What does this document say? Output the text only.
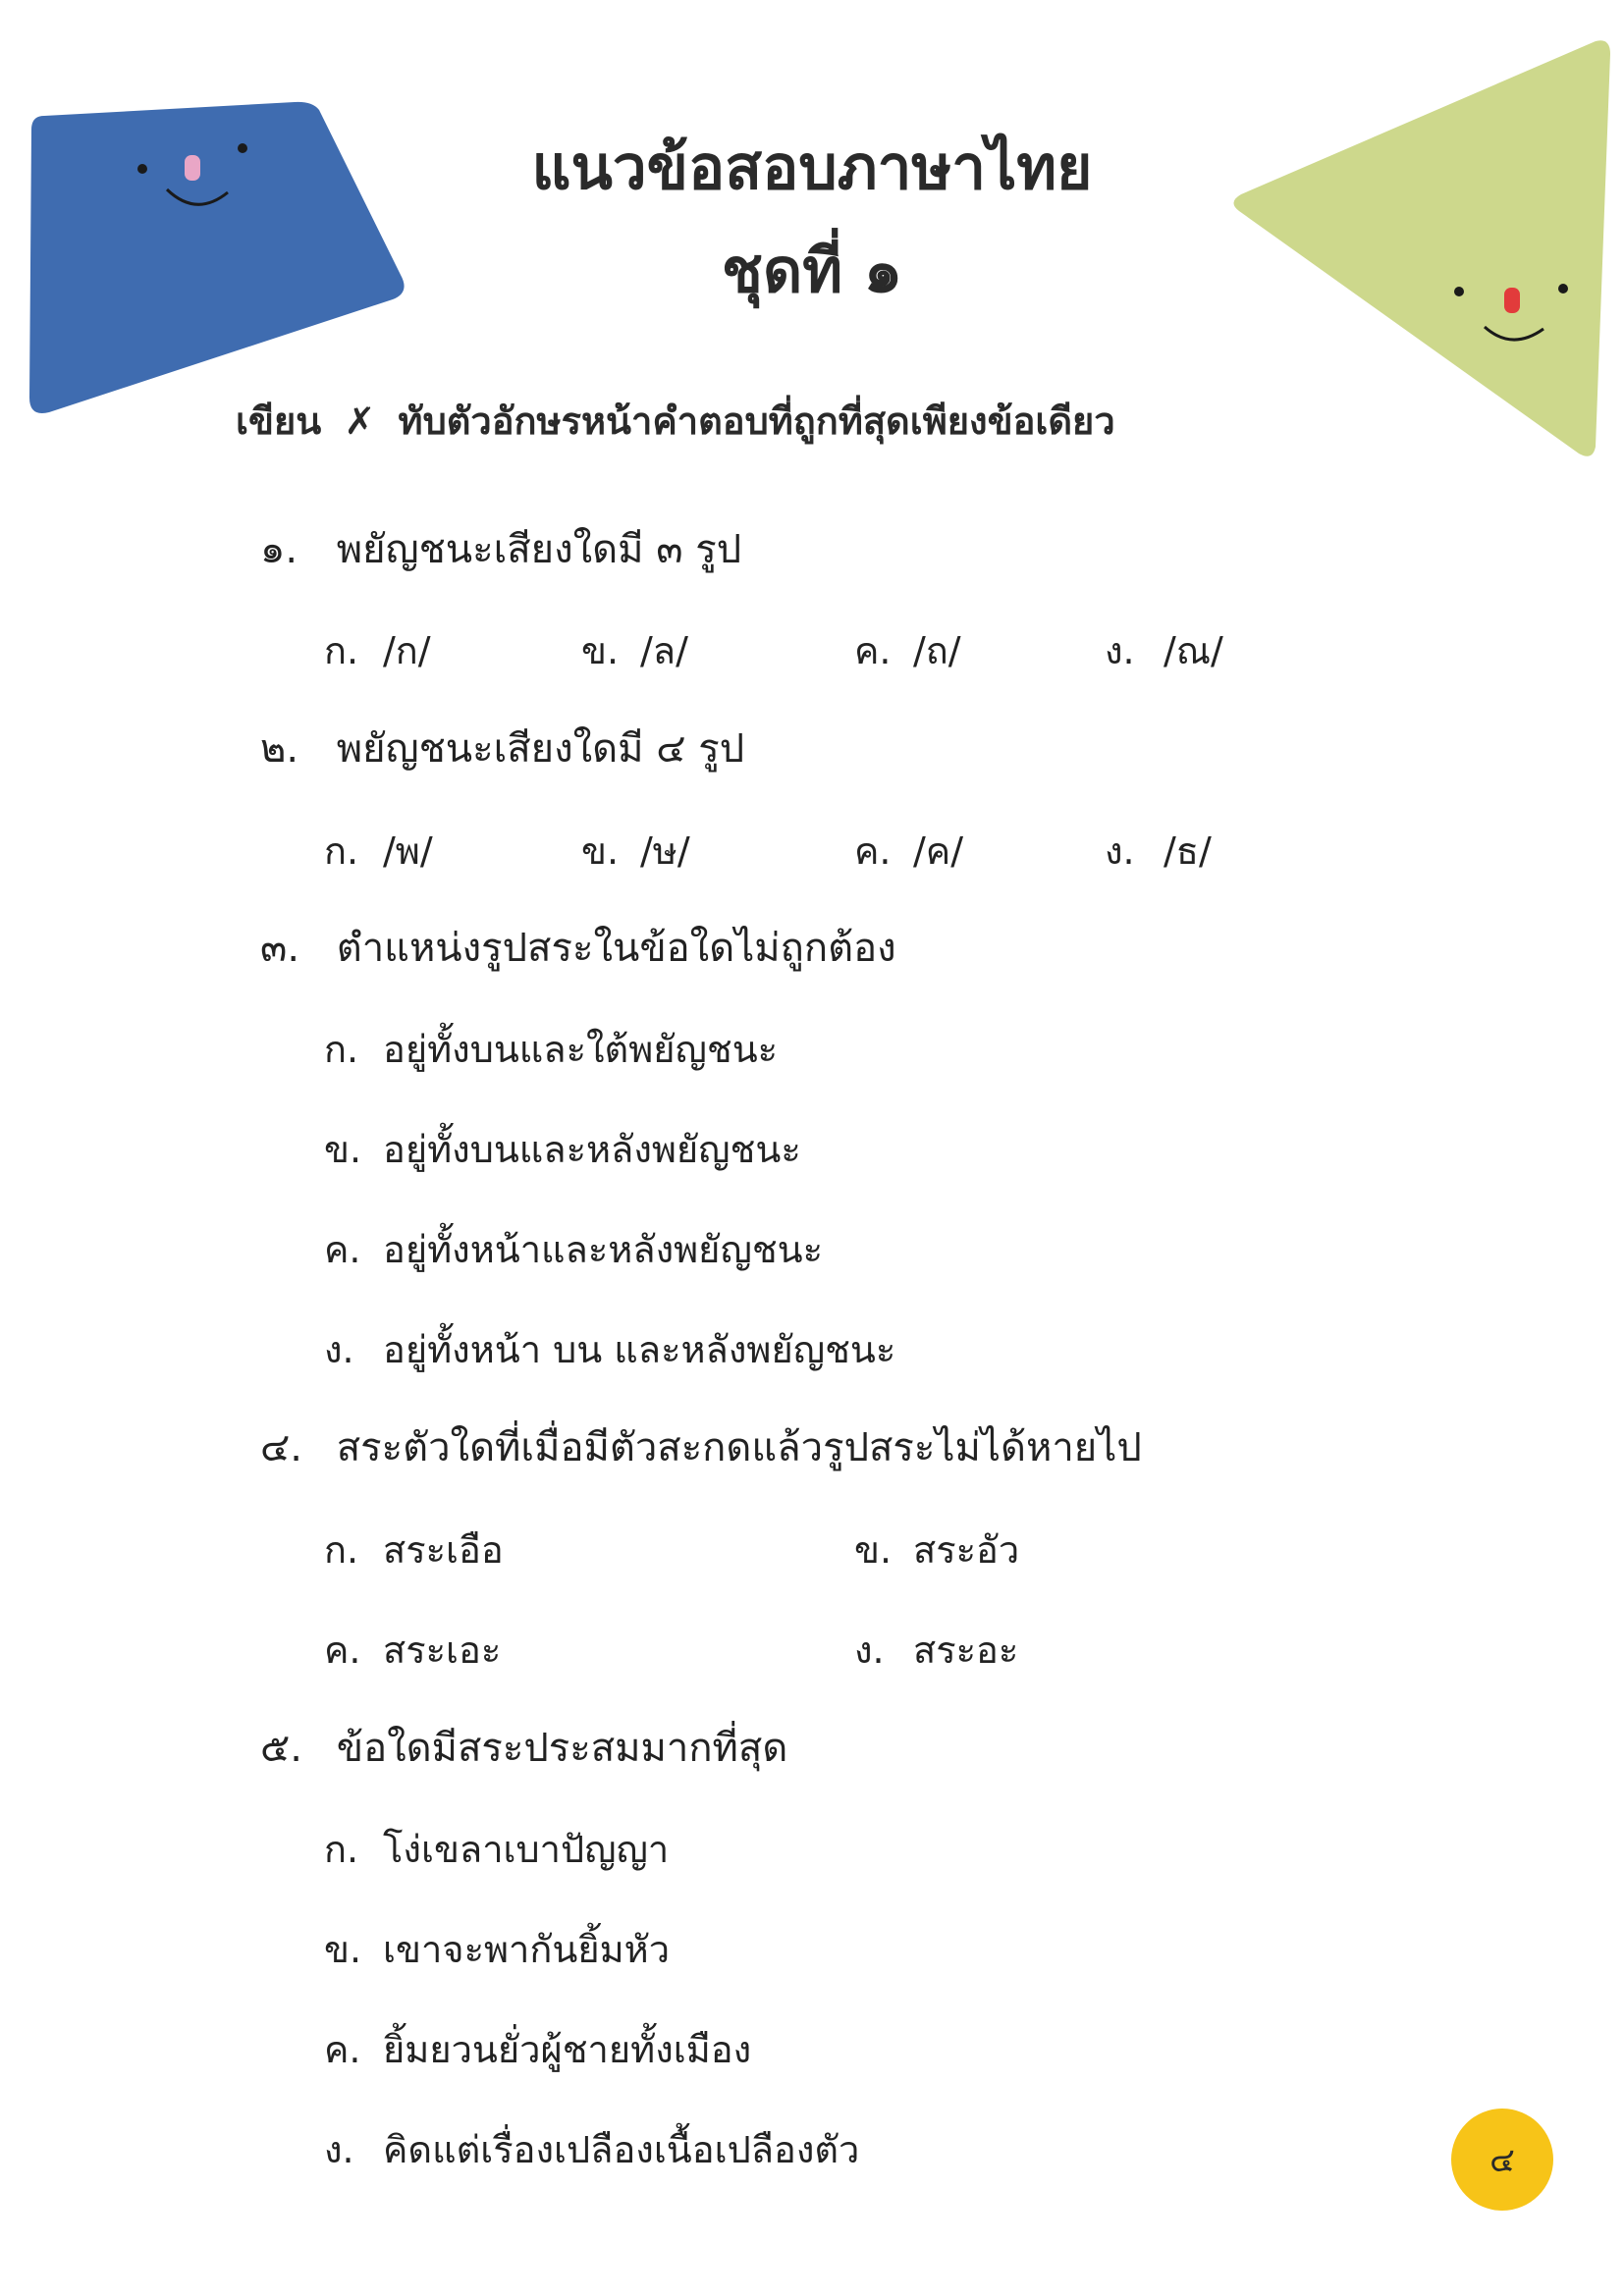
แนวข้อสอบภาษาไทย
ชุดที่ ๑
เขียน ✗ ทับตัวอักษรหน้าคำตอบที่ถูกที่สุดเพียงข้อเดียว
๑. พยัญชนะเสียงใดมี ๓ รูป
ก. /ก/	ข. /ล/	ค. /ถ/	ง. /ณ/
๒. พยัญชนะเสียงใดมี ๔ รูป
ก. /พ/	ข. /ษ/	ค. /ค/	ง. /ธ/
๓. ตำแหน่งรูปสระในข้อใดไม่ถูกต้อง
ก. อยู่ทั้งบนและใต้พยัญชนะ
ข. อยู่ทั้งบนและหลังพยัญชนะ
ค. อยู่ทั้งหน้าและหลังพยัญชนะ
ง. อยู่ทั้งหน้า บน และหลังพยัญชนะ
๔. สระตัวใดที่เมื่อมีตัวสะกดแล้วรูปสระไม่ได้หายไป
ก. สระเอือ	ข. สระอัว
ค. สระเอะ	ง. สระอะ
๕. ข้อใดมีสระประสมมากที่สุด
ก. โง่เขลาเบาปัญญา
ข. เขาจะพากันยิ้มหัว
ค. ยิ้มยวนยั่วผู้ชายทั้งเมือง
ง. คิดแต่เรื่องเปลืองเนื้อเปลืองตัว	๔
